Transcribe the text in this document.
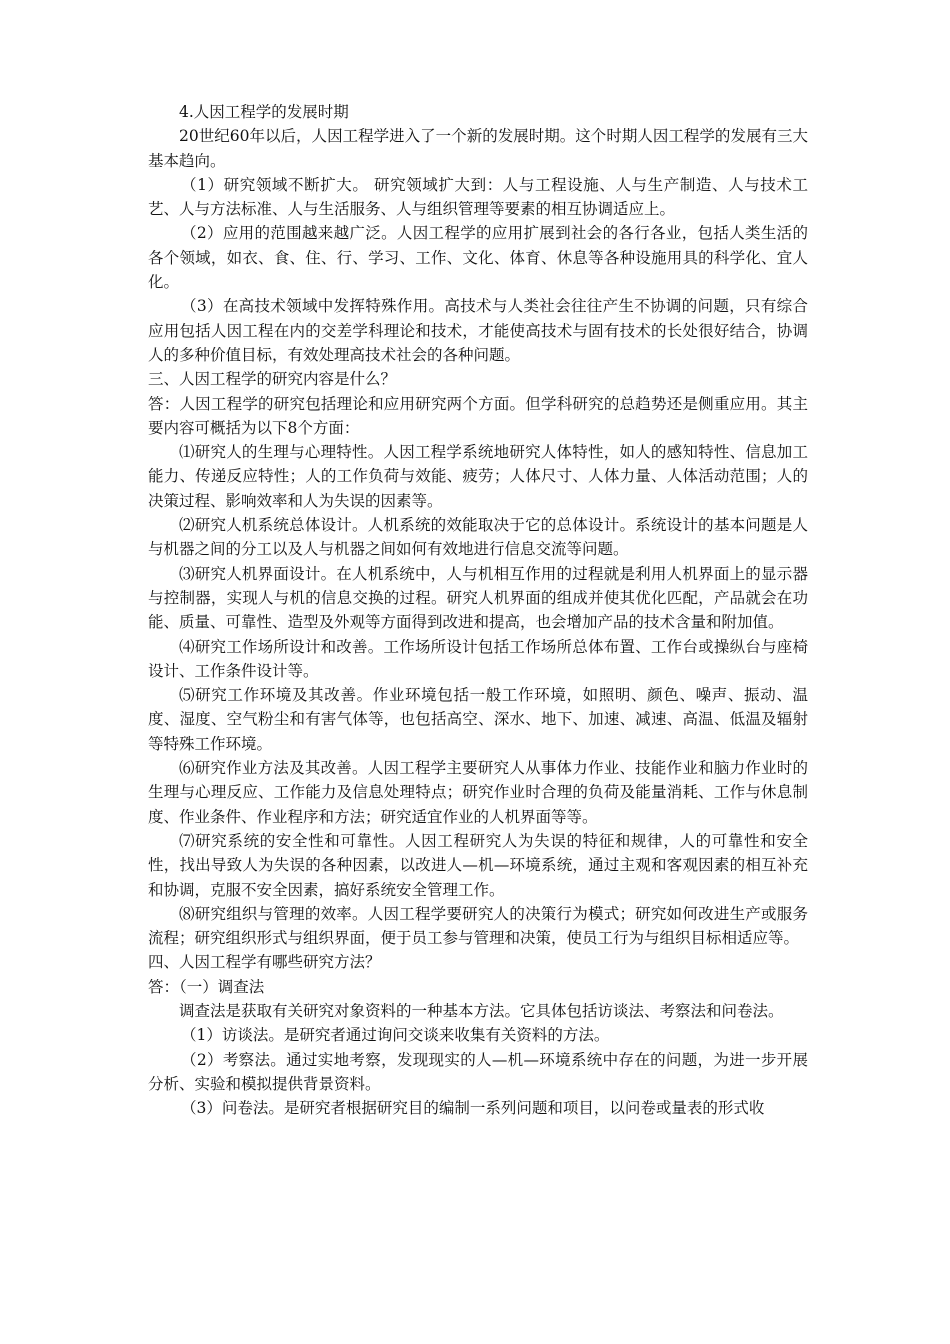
4.人因工程学的发展时期

20世纪60年以后，人因工程学进入了一个新的发展时期。这个时期人因工程学的发展有三大基本趋向。

（1）研究领域不断扩大。 研究领域扩大到：人与工程设施、人与生产制造、人与技术工艺、人与方法标准、人与生活服务、人与组织管理等要素的相互协调适应上。

（2）应用的范围越来越广泛。人因工程学的应用扩展到社会的各行各业，包括人类生活的各个领域，如衣、食、住、行、学习、工作、文化、体育、休息等各种设施用具的科学化、宜人化。

（3）在高技术领域中发挥特殊作用。高技术与人类社会往往产生不协调的问题，只有综合应用包括人因工程在内的交差学科理论和技术，才能使高技术与固有技术的长处很好结合，协调人的多种价值目标，有效处理高技术社会的各种问题。

三、人因工程学的研究内容是什么？

答：人因工程学的研究包括理论和应用研究两个方面。但学科研究的总趋势还是侧重应用。其主要内容可概括为以下8个方面：

⑴研究人的生理与心理特性。人因工程学系统地研究人体特性，如人的感知特性、信息加工能力、传递反应特性；人的工作负荷与效能、疲劳；人体尺寸、人体力量、人体活动范围；人的决策过程、影响效率和人为失误的因素等。

⑵研究人机系统总体设计。人机系统的效能取决于它的总体设计。系统设计的基本问题是人与机器之间的分工以及人与机器之间如何有效地进行信息交流等问题。

⑶研究人机界面设计。在人机系统中，人与机相互作用的过程就是利用人机界面上的显示器与控制器，实现人与机的信息交换的过程。研究人机界面的组成并使其优化匹配，产品就会在功能、质量、可靠性、造型及外观等方面得到改进和提高，也会增加产品的技术含量和附加值。

⑷研究工作场所设计和改善。工作场所设计包括工作场所总体布置、工作台或操纵台与座椅设计、工作条件设计等。

⑸研究工作环境及其改善。作业环境包括一般工作环境，如照明、颜色、噪声、振动、温度、湿度、空气粉尘和有害气体等，也包括高空、深水、地下、加速、减速、高温、低温及辐射等特殊工作环境。

⑹研究作业方法及其改善。人因工程学主要研究人从事体力作业、技能作业和脑力作业时的生理与心理反应、工作能力及信息处理特点；研究作业时合理的负荷及能量消耗、工作与休息制度、作业条件、作业程序和方法；研究适宜作业的人机界面等等。

⑺研究系统的安全性和可靠性。人因工程研究人为失误的特征和规律，人的可靠性和安全性，找出导致人为失误的各种因素，以改进人—机—环境系统，通过主观和客观因素的相互补充和协调，克服不安全因素，搞好系统安全管理工作。

⑻研究组织与管理的效率。人因工程学要研究人的决策行为模式；研究如何改进生产或服务流程；研究组织形式与组织界面，便于员工参与管理和决策，使员工行为与组织目标相适应等。

四、人因工程学有哪些研究方法？

答：（一）调查法

调查法是获取有关研究对象资料的一种基本方法。它具体包括访谈法、考察法和问卷法。

（1）访谈法。是研究者通过询问交谈来收集有关资料的方法。

（2）考察法。通过实地考察，发现现实的人—机—环境系统中存在的问题，为进一步开展分析、实验和模拟提供背景资料。

（3）问卷法。是研究者根据研究目的编制一系列问题和项目，以问卷或量表的形式收
